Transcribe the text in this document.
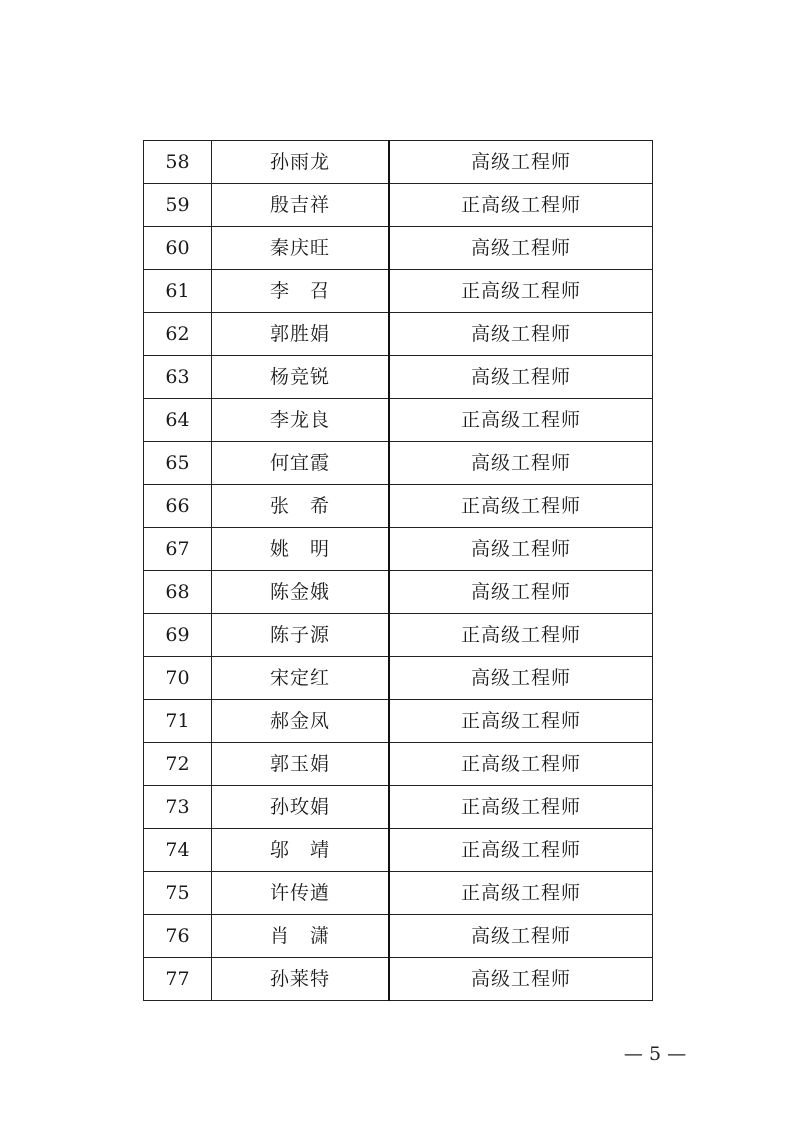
58	孙雨龙	高级工程师
59	殷吉祥	正高级工程师
60	秦庆旺	高级工程师
61	李　召	正高级工程师
62	郭胜娟	高级工程师
63	杨竞锐	高级工程师
64	李龙良	正高级工程师
65	何宜霞	高级工程师
66	张　希	正高级工程师
67	姚　明	高级工程师
68	陈金娥	高级工程师
69	陈子源	正高级工程师
70	宋定红	高级工程师
71	郝金凤	正高级工程师
72	郭玉娟	正高级工程师
73	孙玫娟	正高级工程师
74	邬　靖	正高级工程师
75	许传遒	正高级工程师
76	肖　潇	高级工程师
77	孙莱特	高级工程师
— 5 —
